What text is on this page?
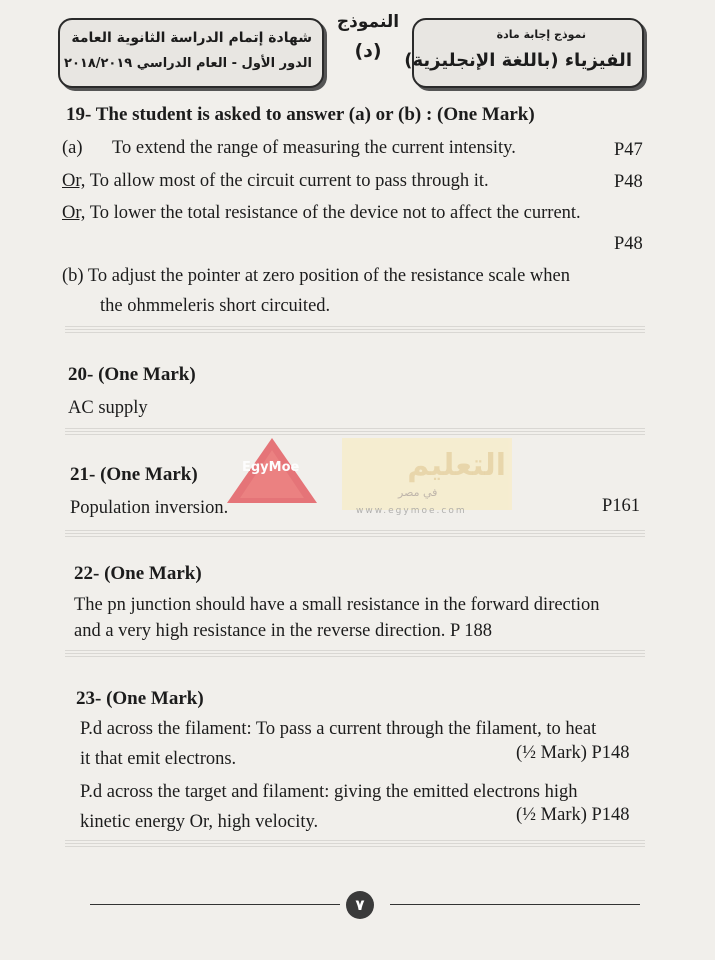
شهادة إتمام الدراسة الثانوية العامة
الدور الأول - العام الدراسي ٢٠١٨/٢٠١٩
النموذج
(د)
نموذج إجابة مادة
الفيزياء (باللغة الإنجليزية)
19- The student is asked to answer (a) or (b) : (One Mark)
(a) To extend the range of measuring the current intensity.	P47
Or, To allow most of the circuit current to pass through it.	P48
Or, To lower the total resistance of the device not to affect the current.
P48
(b) To adjust the pointer at zero position of the resistance scale when
the ohmmeleris short circuited.
20- (One Mark)
AC supply
21- (One Mark)
Population inversion.	P161
22- (One Mark)
The pn junction should have a small resistance in the forward direction
and a very high resistance in the reverse direction. P 188
23- (One Mark)
P.d across the filament: To pass a current through the filament, to heat
it that emit electrons.	(½ Mark) P148
P.d across the target and filament: giving the emitted electrons high
kinetic energy Or, high velocity.	(½ Mark) P148
EgyMoe	التعليم
في مصر
www.egymoe.com
٧
